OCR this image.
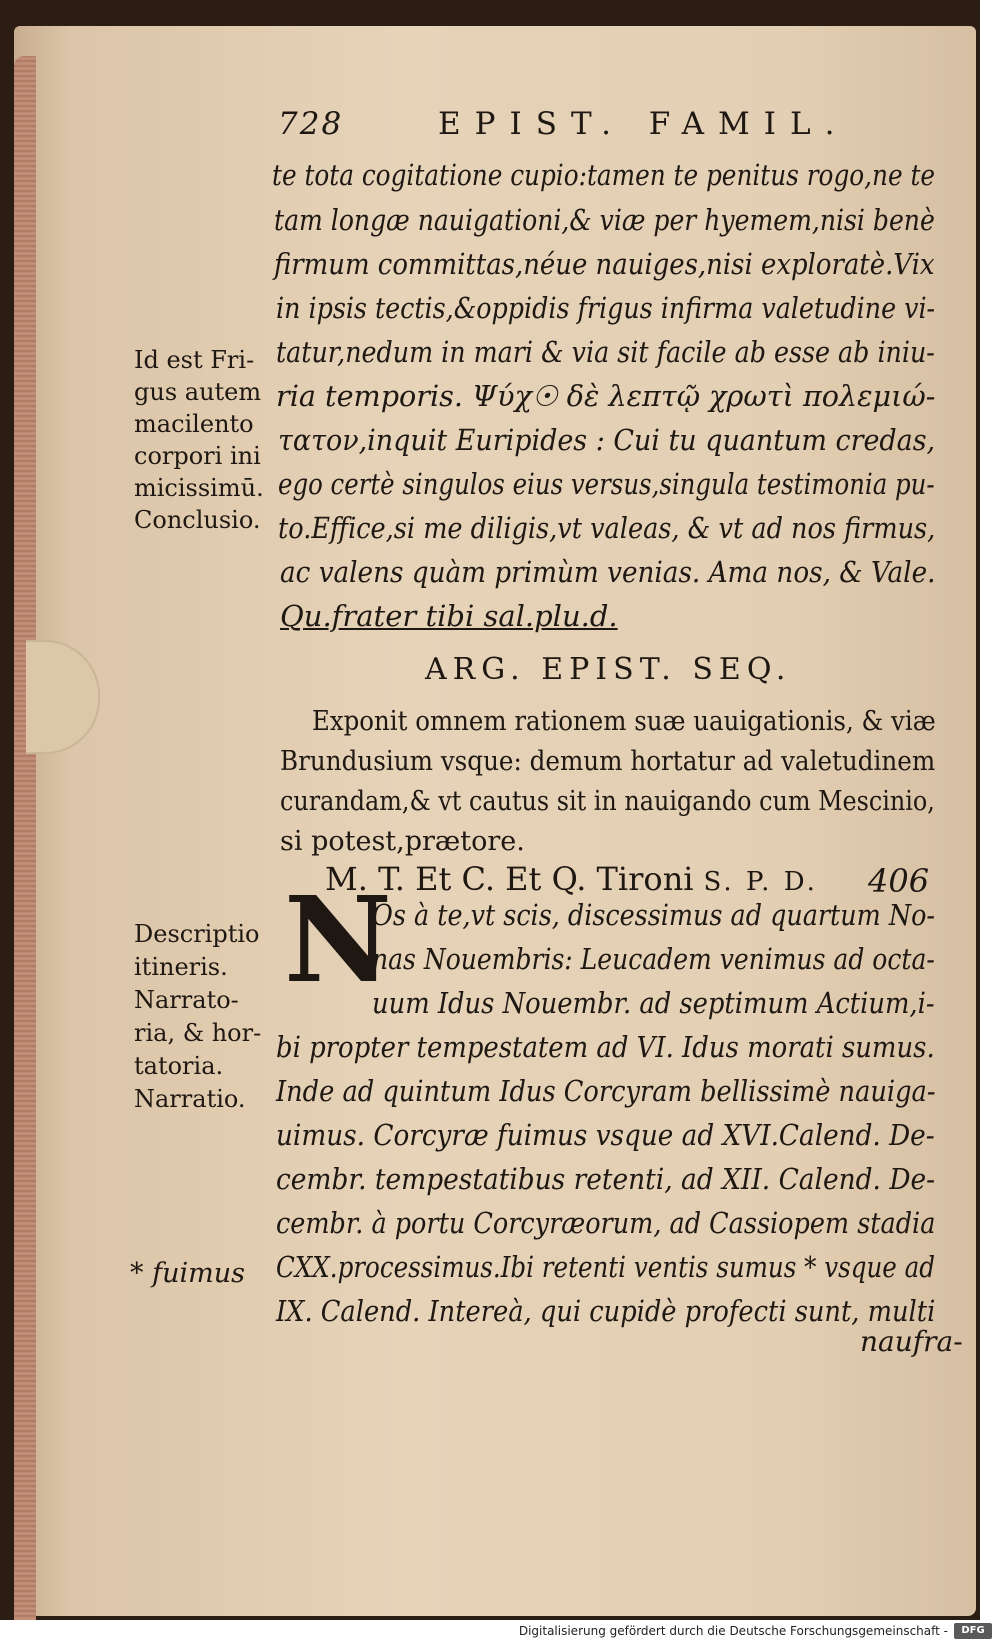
728	EPIST. FAMIL.
te tota cogitatione cupio:tamen te penitus rogo,ne te
tam longæ nauigationi,& viæ per hyemem,nisi benè
firmum committas,néue nauiges,nisi exploratè.Vix
in ipsis tectis,&oppidis frigus infirma valetudine vi-
tatur,nedum in mari & via sit facile ab esse ab iniu-
ria temporis. Ψύχ☉ δὲ λεπτῷ χρωτὶ πολεμιώ-
τατον,inquit Euripides : Cui tu quantum credas,
ego certè singulos eius versus,singula testimonia pu-
to.Effice,si me diligis,vt valeas, & vt ad nos firmus,
ac valens quàm primùm venias. Ama nos, & Vale.
Qu.frater tibi sal.plu.d.
Id est Fri-
gus autem
macilento
corpori ini
micissimū.
Conclusio.
ARG. EPIST. SEQ.
Exponit omnem rationem suæ uauigationis, & viæ
Brundusium vsque: demum hortatur ad valetudinem
curandam,& vt cautus sit in nauigando cum Mescinio,
si potest,prætore.
M. T. Et C. Et Q. Tironi S. P. D. 406
N
Os à te,vt scis, discessimus ad quartum No-
nas Nouembris: Leucadem venimus ad octa-
uum Idus Nouembr. ad septimum Actium,i-
bi propter tempestatem ad VI. Idus morati sumus.
Inde ad quintum Idus Corcyram bellissimè nauiga-
uimus. Corcyræ fuimus vsque ad XVI.Calend. De-
cembr. tempestatibus retenti, ad XII. Calend. De-
cembr. à portu Corcyræorum, ad Cassiopem stadia
CXX.processimus.Ibi retenti ventis sumus * vsque ad
IX. Calend. Intereà, qui cupidè profecti sunt, multi
naufra-
Descriptio
itineris.
Narrato-
ria, & hor-
tatoria.
Narratio.
* fuimus
Digitalisierung gefördert durch die Deutsche Forschungsgemeinschaft -	DFG
